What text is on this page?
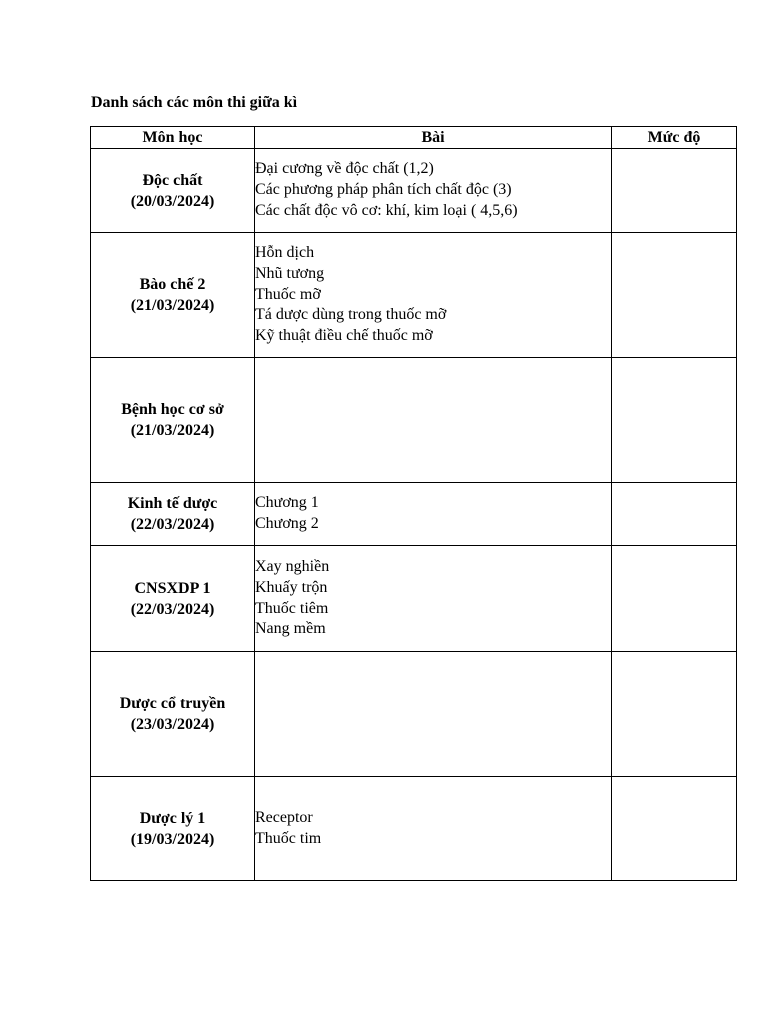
Danh sách các môn thi giữa kì
Môn học	Bài	Mức độ

Độc chất
(20/03/2024)	Đại cương về độc chất (1,2)
Các phương pháp phân tích chất độc (3)
Các chất độc vô cơ: khí, kim loại ( 4,5,6)	

Bào chế 2
(21/03/2024)	Hỗn dịch
Nhũ tương
Thuốc mỡ
Tá dược dùng trong thuốc mỡ
Kỹ thuật điều chế thuốc mỡ	

Bệnh học cơ sở
(21/03/2024)		

Kinh tế dược
(22/03/2024)	Chương 1
Chương 2	

CNSXDP 1
(22/03/2024)	Xay nghiền
Khuấy trộn
Thuốc tiêm
Nang mềm	

Dược cổ truyền
(23/03/2024)		

Dược lý 1
(19/03/2024)	Receptor
Thuốc tim	
